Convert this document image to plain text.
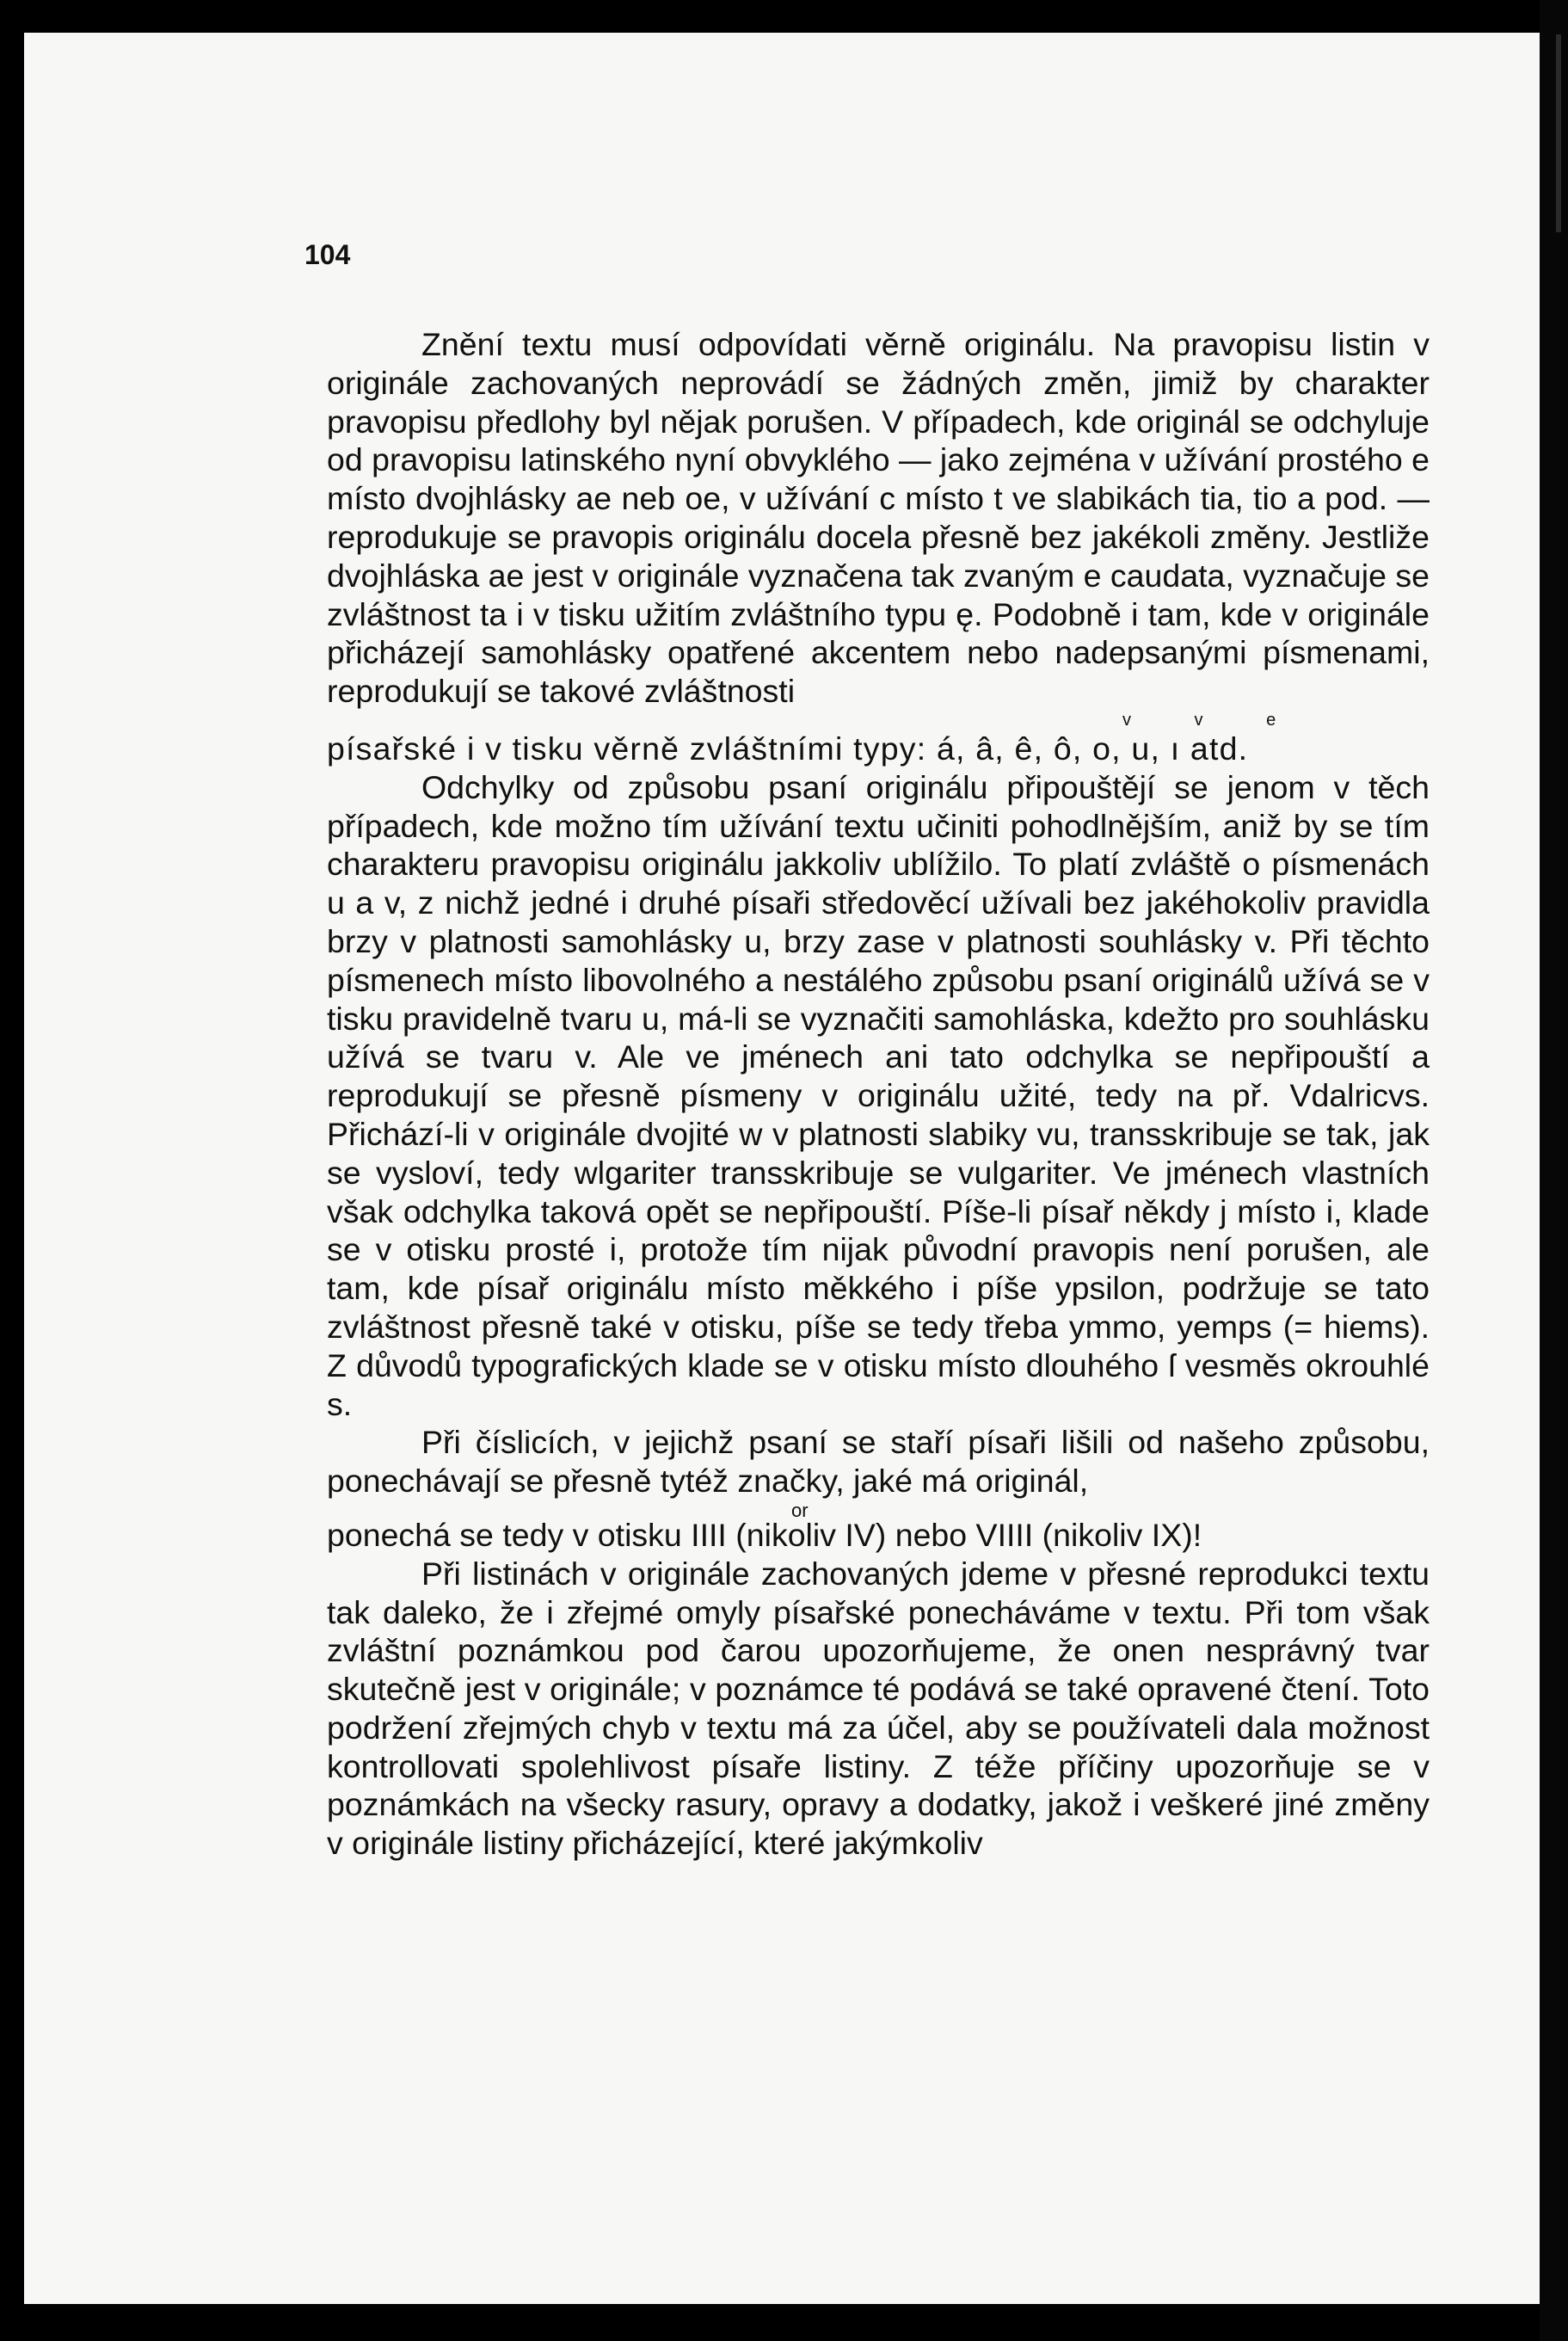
104

Znění textu musí odpovídati věrně originálu. Na pravopisu listin v originále zachovaných neprovádí se žádných změn, jimiž by charakter pravopisu předlohy byl nějak porušen. V případech, kde originál se odchyluje od pravopisu latinského nyní obvyklého — jako zejména v užívání prostého e místo dvojhlásky ae neb oe, v užívání c místo t ve slabikách tia, tio a pod. — reprodukuje se pravopis originálu docela přesně bez jakékoli změny. Jestliže dvojhláska ae jest v originále vyznačena tak zvaným e caudata, vyznačuje se zvláštnost ta i v tisku užitím zvláštního typu ę. Podobně i tam, kde v originále přicházejí samohlásky opatřené akcentem nebo nadepsanými písmenami, reprodukují se takové zvláštnosti

v v e

písařské i v tisku věrně zvláštními typy: á, â, ê, ô, o, u, ı atd.

Odchylky od způsobu psaní originálu připouštějí se jenom v těch případech, kde možno tím užívání textu učiniti pohodlnějším, aniž by se tím charakteru pravopisu originálu jakkoliv ublížilo. To platí zvláště o písmenách u a v, z nichž jedné i druhé písaři středověcí užívali bez jakéhokoliv pravidla brzy v platnosti samohlásky u, brzy zase v platnosti souhlásky v. Při těchto písmenech místo libovolného a nestálého způsobu psaní originálů užívá se v tisku pravidelně tvaru u, má-li se vyznačiti samohláska, kdežto pro souhlásku užívá se tvaru v. Ale ve jménech ani tato odchylka se nepřipouští a reprodukují se přesně písmeny v originálu užité, tedy na př. Vdalricvs. Přichází-li v originále dvojité w v platnosti slabiky vu, transskribuje se tak, jak se vysloví, tedy wlgariter transskribuje se vulgariter. Ve jménech vlastních však odchylka taková opět se nepřipouští. Píše-li písař někdy j místo i, klade se v otisku prosté i, protože tím nijak původní pravopis není porušen, ale tam, kde písař originálu místo měkkého i píše ypsilon, podržuje se tato zvláštnost přesně také v otisku, píše se tedy třeba ymmo, yemps (= hiems). Z důvodů typografických klade se v otisku místo dlouhého ſ vesměs okrouhlé s.

Při číslicích, v jejichž psaní se staří písaři lišili od našeho způsobu, ponechávají se přesně tytéž značky, jaké má originál,

or

ponechá se tedy v otisku IIII (nikoliv IV) nebo VIIII (nikoliv IX)!

Při listinách v originále zachovaných jdeme v přesné reprodukci textu tak daleko, že i zřejmé omyly písařské ponecháváme v textu. Při tom však zvláštní poznámkou pod čarou upozorňujeme, že onen nesprávný tvar skutečně jest v originále; v poznámce té podává se také opravené čtení. Toto podržení zřejmých chyb v textu má za účel, aby se používateli dala možnost kontrollovati spolehlivost písaře listiny. Z téže příčiny upozorňuje se v poznámkách na všecky rasury, opravy a dodatky, jakož i veškeré jiné změny v originále listiny přicházející, které jakýmkoliv
